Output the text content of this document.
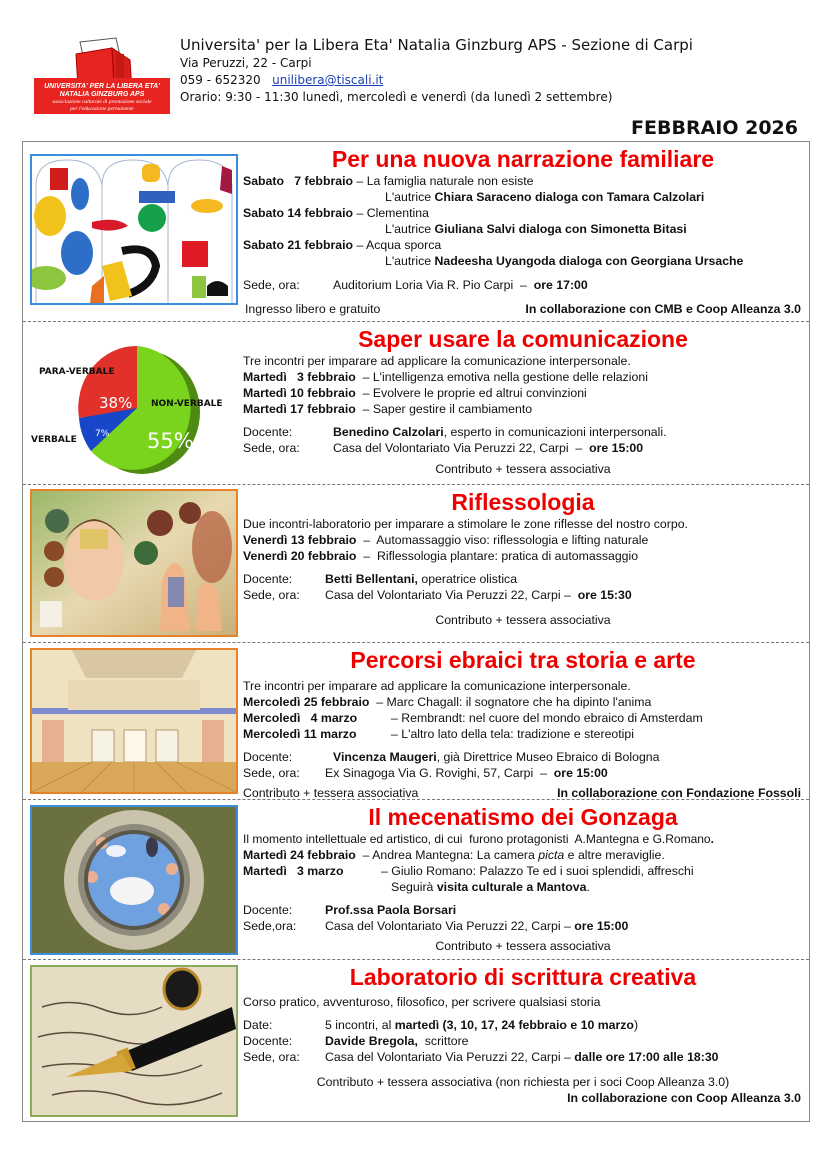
UNIVERSITA' PER LA LIBERA ETA'
NATALIA GINZBURG APS
associazione culturale di promozione sociale
per l'educazione permanente
Universita' per la Libera Eta' Natalia Ginzburg APS - Sezione di Carpi
Via Peruzzi, 22 - Carpi
059 - 652320 unilibera@tiscali.it
Orario: 9:30 - 11:30 lunedì, mercoledì e venerdì (da lunedì 2 settembre)
FEBBRAIO 2026
Per una nuova narrazione familiare
Sabato   7 febbraio – La famiglia naturale non esiste
L'autrice Chiara Saraceno dialoga con Tamara Calzolari
Sabato 14 febbraio – Clementina
L'autrice Giuliana Salvi dialoga con Simonetta Bitasi
Sabato 21 febbraio – Acqua sporca
L'autrice Nadeesha Uyangoda dialoga con Georgiana Ursache
Sede, ora:	Auditorium Loria Via R. Pio Carpi  –  ore 17:00
Ingresso libero e gratuito	In collaborazione con CMB e Coop Alleanza 3.0
38%
55%
7%
PARA-VERBALE
NON-VERBALE
VERBALE
Saper usare la comunicazione
Tre incontri per imparare ad applicare la comunicazione interpersonale.
Martedì   3 febbraio  – L'intelligenza emotiva nella gestione delle relazioni
Martedì 10 febbraio  – Evolvere le proprie ed altrui convinzioni
Martedì 17 febbraio  – Saper gestire il cambiamento
Docente:	Benedino Calzolari, esperto in comunicazioni interpersonali.
Sede, ora:	Casa del Volontariato Via Peruzzi 22, Carpi  –  ore 15:00
Contributo + tessera associativa
Riflessologia
Due incontri-laboratorio per imparare a stimolare le zone riflesse del nostro corpo.
Venerdì 13 febbraio  –  Automassaggio viso: riflessologia e lifting naturale
Venerdì 20 febbraio  –  Riflessologia plantare: pratica di automassaggio
Docente:	Betti Bellentani, operatrice olistica
Sede, ora: Casa del Volontariato Via Peruzzi 22, Carpi –  ore 15:30
Contributo + tessera associativa
Percorsi ebraici tra storia e arte
Tre incontri per imparare ad applicare la comunicazione interpersonale.
Mercoledì 25 febbraio  – Marc Chagall: il sognatore che ha dipinto l'anima
Mercoledì   4 marzo	– Rembrandt: nel cuore del mondo ebraico di Amsterdam
Mercoledì 11 marzo	– L'altro lato della tela: tradizione e stereotipi
Docente:	Vincenza Maugeri, già Direttrice Museo Ebraico di Bologna
Sede, ora: Ex Sinagoga Via G. Rovighi, 57, Carpi  –  ore 15:00
Contributo + tessera associativa	In collaborazione con Fondazione Fossoli
Il mecenatismo dei Gonzaga
Il momento intellettuale ed artistico, di cui  furono protagonisti  A.Mantegna e G.Romano.
Martedì 24 febbraio  – Andrea Mantegna: La camera picta e altre meraviglie.
Martedì   3 marzo	– Giulio Romano: Palazzo Te ed i suoi splendidi, affreschi
Seguirà visita culturale a Mantova.
Docente:	Prof.ssa Paola Borsari
Sede,ora: Casa del Volontariato Via Peruzzi 22, Carpi – ore 15:00
Contributo + tessera associativa
Laboratorio di scrittura creativa
Corso pratico, avventuroso, filosofico, per scrivere qualsiasi storia
Date:	5 incontri, al martedì (3, 10, 17, 24 febbraio e 10 marzo)
Docente:	Davide Bregola,  scrittore
Sede, ora: Casa del Volontariato Via Peruzzi 22, Carpi – dalle ore 17:00 alle 18:30
Contributo + tessera associativa (non richiesta per i soci Coop Alleanza 3.0)
In collaborazione con Coop Alleanza 3.0
